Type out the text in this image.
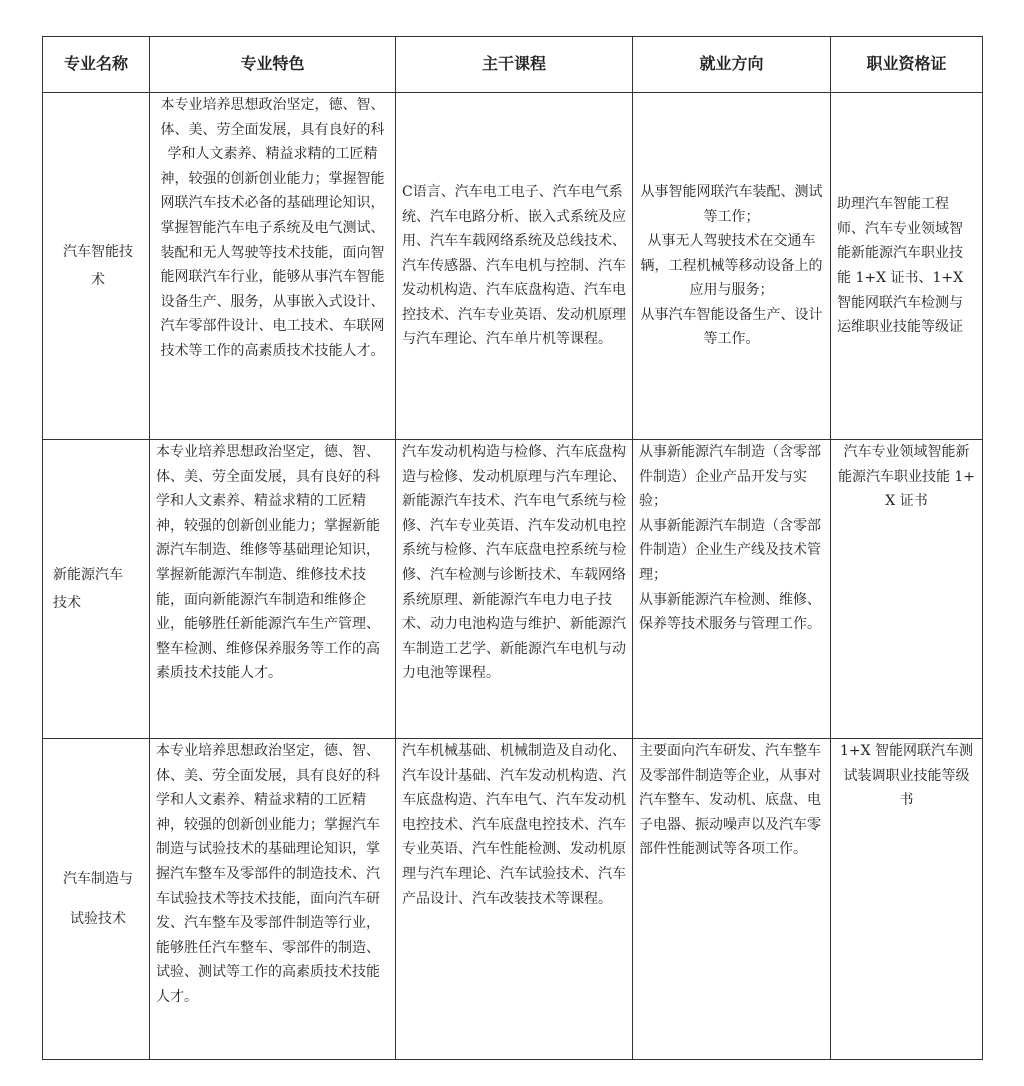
专业名称	专业特色	主干课程	就业方向	职业资格证

汽车智能技
术	本专业培养思想政治坚定，德、智、体、美、劳全面发展，具有良好的科学和人文素养、精益求精的工匠精神，较强的创新创业能力；掌握智能网联汽车技术必备的基础理论知识，掌握智能汽车电子系统及电气测试、装配和无人驾驶等技术技能，面向智能网联汽车行业，能够从事汽车智能设备生产、服务，从事嵌入式设计、汽车零部件设计、电工技术、车联网技术等工作的高素质技术技能人才。	C语言、汽车电工电子、汽车电气系统、汽车电路分析、嵌入式系统及应用、汽车车载网络系统及总线技术、汽车传感器、汽车电机与控制、汽车发动机构造、汽车底盘构造、汽车电控技术、汽车专业英语、发动机原理与汽车理论、汽车单片机等课程。	从事智能网联汽车装配、测试等工作；
从事无人驾驶技术在交通车辆，工程机械等移动设备上的应用与服务；
从事汽车智能设备生产、设计等工作。	助理汽车智能工程师、汽车专业领域智能新能源汽车职业技能 1+X 证书、1+X 智能网联汽车检测与运维职业技能等级证

新能源汽车
技术	本专业培养思想政治坚定，德、智、体、美、劳全面发展，具有良好的科学和人文素养、精益求精的工匠精神，较强的创新创业能力；掌握新能源汽车制造、维修等基础理论知识，掌握新能源汽车制造、维修技术技能，面向新能源汽车制造和维修企业，能够胜任新能源汽车生产管理、整车检测、维修保养服务等工作的高素质技术技能人才。	汽车发动机构造与检修、汽车底盘构造与检修、发动机原理与汽车理论、新能源汽车技术、汽车电气系统与检修、汽车专业英语、汽车发动机电控系统与检修、汽车底盘电控系统与检修、汽车检测与诊断技术、车载网络系统原理、新能源汽车电力电子技术、动力电池构造与维护、新能源汽车制造工艺学、新能源汽车电机与动力电池等课程。	从事新能源汽车制造（含零部件制造）企业产品开发与实验；
从事新能源汽车制造（含零部件制造）企业生产线及技术管理；
从事新能源汽车检测、维修、保养等技术服务与管理工作。	汽车专业领域智能新能源汽车职业技能 1+X 证书

汽车制造与
试验技术	本专业培养思想政治坚定，德、智、体、美、劳全面发展，具有良好的科学和人文素养、精益求精的工匠精神，较强的创新创业能力；掌握汽车制造与试验技术的基础理论知识，掌握汽车整车及零部件的制造技术、汽车试验技术等技术技能，面向汽车研发、汽车整车及零部件制造等行业，能够胜任汽车整车、零部件的制造、试验、测试等工作的高素质技术技能人才。	汽车机械基础、机械制造及自动化、汽车设计基础、汽车发动机构造、汽车底盘构造、汽车电气、汽车发动机电控技术、汽车底盘电控技术、汽车专业英语、汽车性能检测、发动机原理与汽车理论、汽车试验技术、汽车产品设计、汽车改装技术等课程。	主要面向汽车研发、汽车整车及零部件制造等企业，从事对汽车整车、发动机、底盘、电子电器、振动噪声以及汽车零部件性能测试等各项工作。	1+X 智能网联汽车测试装调职业技能等级书
